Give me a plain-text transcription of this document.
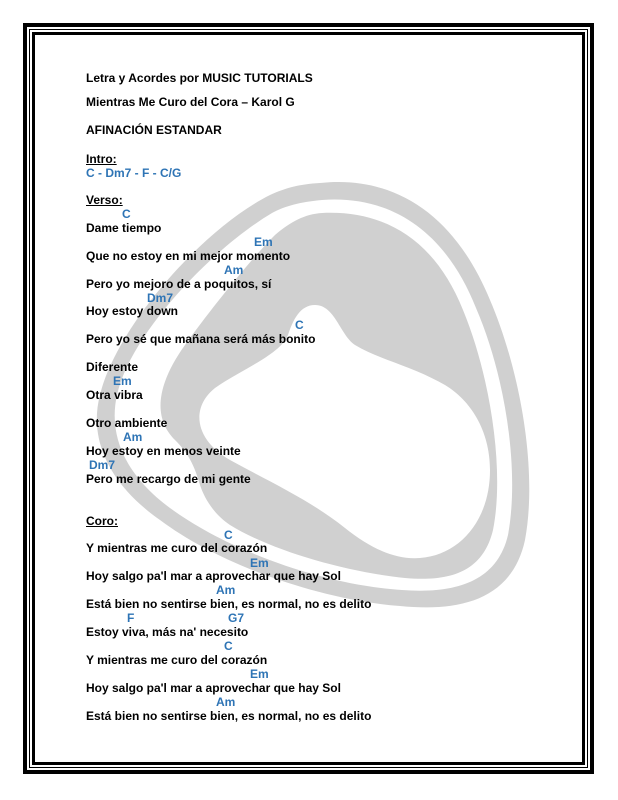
Letra y Acordes por MUSIC TUTORIALS
Mientras Me Curo del Cora – Karol G
AFINACIÓN ESTANDAR
Intro:
C - Dm7 - F - C/G
Verso:
C
Dame tiempo
Em
Que no estoy en mi mejor momento
Am
Pero yo mejoro de a poquitos, sí
Dm7
Hoy estoy down
C
Pero yo sé que mañana será más bonito
Diferente
Em
Otra vibra
Otro ambiente
Am
Hoy estoy en menos veinte
Dm7
Pero me recargo de mi gente
Coro:
C
Y mientras me curo del corazón
Em
Hoy salgo pa'l mar a aprovechar que hay Sol
Am
Está bien no sentirse bien, es normal, no es delito
F	G7
Estoy viva, más na' necesito
C
Y mientras me curo del corazón
Em
Hoy salgo pa'l mar a aprovechar que hay Sol
Am
Está bien no sentirse bien, es normal, no es delito
